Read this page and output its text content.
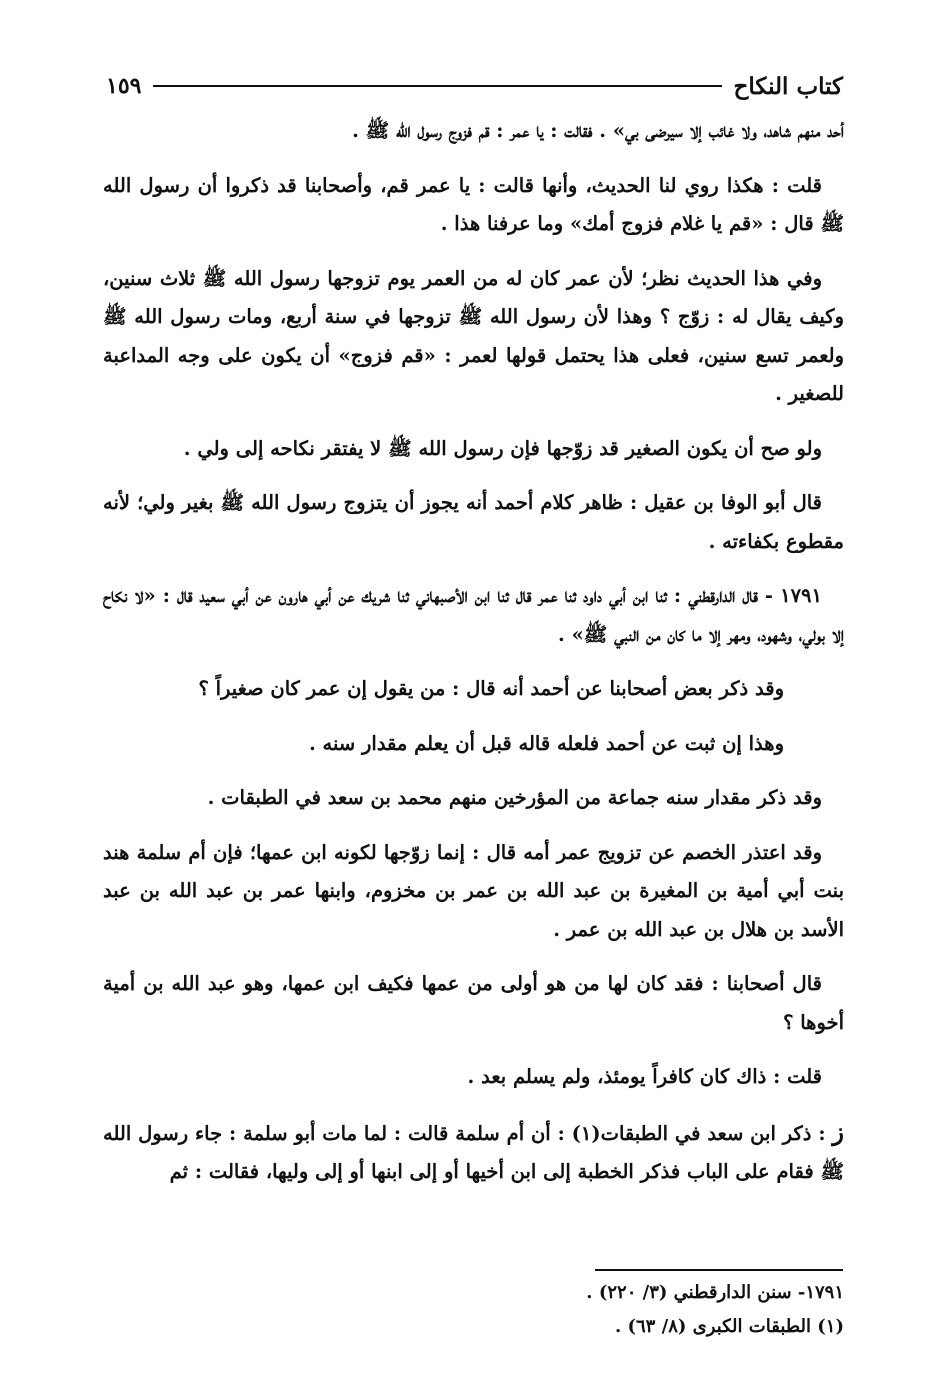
كتاب النكاح
١٥٩

أحد منهم شاهد، ولا غائب إلا سيرضى بي» . فقالت : يا عمر : قم فزوج رسول الله ﷺ .

قلت : هكذا روي لنا الحديث، وأنها قالت : يا عمر قم، وأصحابنا قد ذكروا أن رسول الله ﷺ قال : «قم يا غلام فزوج أمك» وما عرفنا هذا .

وفي هذا الحديث نظر؛ لأن عمر كان له من العمر يوم تزوجها رسول الله ﷺ ثلاث سنين، وكيف يقال له : زوّج ؟ وهذا لأن رسول الله ﷺ تزوجها في سنة أربع، ومات رسول الله ﷺ ولعمر تسع سنين، فعلى هذا يحتمل قولها لعمر : «قم فزوج» أن يكون على وجه المداعبة للصغير .

ولو صح أن يكون الصغير قد زوّجها فإن رسول الله ﷺ لا يفتقر نكاحه إلى ولي .

قال أبو الوفا بن عقيل : ظاهر كلام أحمد أنه يجوز أن يتزوج رسول الله ﷺ بغير ولي؛ لأنه مقطوع بكفاءته .

١٧٩١ - قال الدارقطني : ثنا ابن أبي داود ثنا عمر قال ثنا ابن الأصبهاني ثنا شريك عن أبي هارون عن أبي سعيد قال : «لا نكاح إلا بولي، وشهود، ومهر إلا ما كان من النبي ﷺ» .

وقد ذكر بعض أصحابنا عن أحمد أنه قال : من يقول إن عمر كان صغيراً ؟

وهذا إن ثبت عن أحمد فلعله قاله قبل أن يعلم مقدار سنه .

وقد ذكر مقدار سنه جماعة من المؤرخين منهم محمد بن سعد في الطبقات .

وقد اعتذر الخصم عن تزويج عمر أمه قال : إنما زوّجها لكونه ابن عمها؛ فإن أم سلمة هند بنت أبي أمية بن المغيرة بن عبد الله بن عمر بن مخزوم، وابنها عمر بن عبد الله بن عبد الأسد بن هلال بن عبد الله بن عمر .

قال أصحابنا : فقد كان لها من هو أولى من عمها فكيف ابن عمها، وهو عبد الله بن أمية أخوها ؟

قلت : ذاك كان كافراً يومئذ، ولم يسلم بعد .

ز : ذكر ابن سعد في الطبقات(١) : أن أم سلمة قالت : لما مات أبو سلمة : جاء رسول الله ﷺ فقام على الباب فذكر الخطبة إلى ابن أخيها أو إلى ابنها أو إلى وليها، فقالت : ثم

١٧٩١- سنن الدارقطني (٣/ ٢٢٠) .

(١) الطبقات الكبرى (٨/ ٦٣) .
